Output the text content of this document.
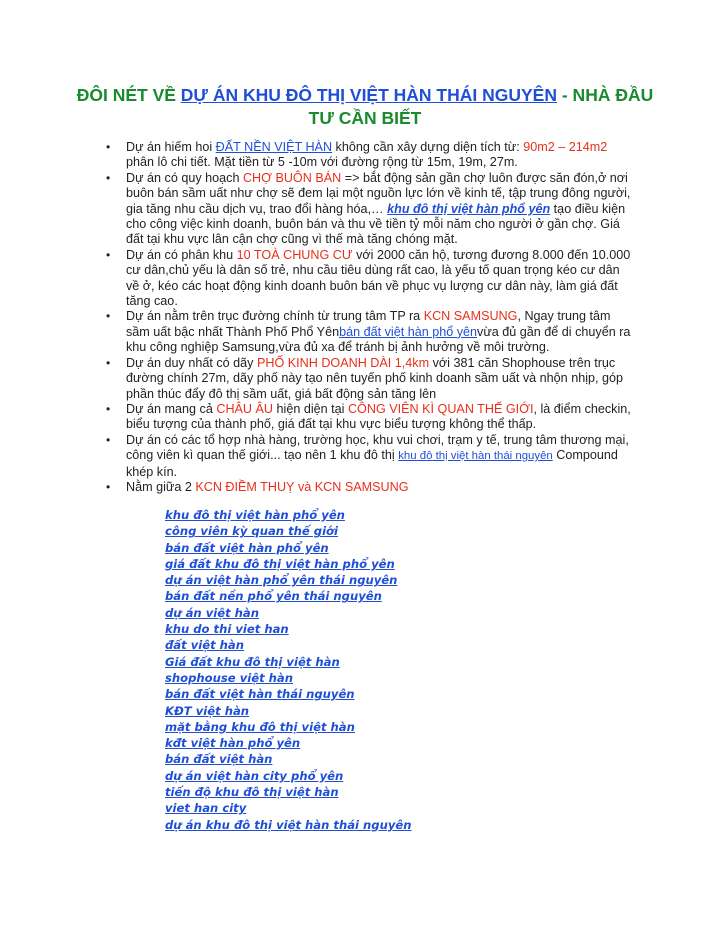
ĐÔI NÉT VỀ DỰ ÁN KHU ĐÔ THỊ VIỆT HÀN THÁI NGUYÊN - NHÀ ĐẦU TƯ CẦN BIẾT
• Dự án hiếm hoi ĐẤT NỀN VIỆT HÀN không cần xây dựng diện tích từ: 90m2 – 214m2 phân lô chi tiết. Mặt tiền từ 5 -10m với đường rộng từ 15m, 19m, 27m.
• Dự án có quy hoạch CHỢ BUÔN BÁN => bắt động sản gần chợ luôn được săn đón,ở nơi buôn bán sầm uất như chợ sẽ đem lại một nguồn lực lớn về kinh tế, tập trung đông người, gia tăng nhu cầu dịch vụ, trao đổi hàng hóa,… khu đô thị việt hàn phổ yên tạo điều kiện cho công việc kinh doanh, buôn bán và thu về tiền tỷ mỗi năm cho người ở gần chợ. Giá đất tại khu vực lân cận chợ cũng vì thế mà tăng chóng mặt.
• Dự án có phân khu 10 TOÀ CHUNG CƯ với 2000 căn hộ, tương đương 8.000 đến 10.000 cư dân,chủ yếu là dân số trẻ, nhu cầu tiêu dùng rất cao, là yếu tố quan trọng kéo cư dân về ở, kéo các hoạt động kinh doanh buôn bán về phục vụ lượng cư dân này, làm giá đất tăng cao.
• Dự án nằm trên trục đường chính từ trung tâm TP ra KCN SAMSUNG, Ngay trung tâm sầm uất bậc nhất Thành Phố Phổ Yênbán đất việt hàn phổ yênvừa đủ gần để di chuyển ra khu công nghiệp Samsung,vừa đủ xa để tránh bị ảnh hưởng về môi trường.
• Dự án duy nhất có dãy PHỐ KINH DOANH DÀI 1,4km với 381 căn Shophouse trên trục đường chính 27m, dãy phố này tạo nên tuyến phố kinh doanh sầm uất và nhộn nhịp, góp phần thúc đẩy đô thị sầm uất, giá bất động sản tăng lên
• Dự án mang cả CHÂU ÂU hiện diện tại CÔNG VIÊN KÌ QUAN THẾ GIỚI, là điểm checkin, biểu tượng của thành phố, giá đất tại khu vực biểu tượng không thể thấp.
• Dự án có các tổ hợp nhà hàng, trường học, khu vui chơi, trạm y tế, trung tâm thương mại, công viên kì quan thế giới... tạo nên 1 khu đô thị khu đô thị việt hàn thái nguyên Compound khép kín.
• Nằm giữa 2 KCN ĐIỀM THUỴ và KCN SAMSUNG
khu đô thị việt hàn phổ yên
công viên kỳ quan thế giới
bán đất việt hàn phổ yên
giá đất khu đô thị việt hàn phổ yên
dự án việt hàn phổ yên thái nguyên
bán đất nền phổ yên thái nguyên
dự án việt hàn
khu do thi viet han
đất việt hàn
Giá đất khu đô thị việt hàn
shophouse việt hàn
bán đất việt hàn thái nguyên
KĐT việt hàn
mặt bằng khu đô thị việt hàn
kđt việt hàn phổ yên
bán đất việt hàn
dự án việt hàn city phổ yên
tiến độ khu đô thị việt hàn
viet han city
dự án khu đô thị việt hàn thái nguyên
